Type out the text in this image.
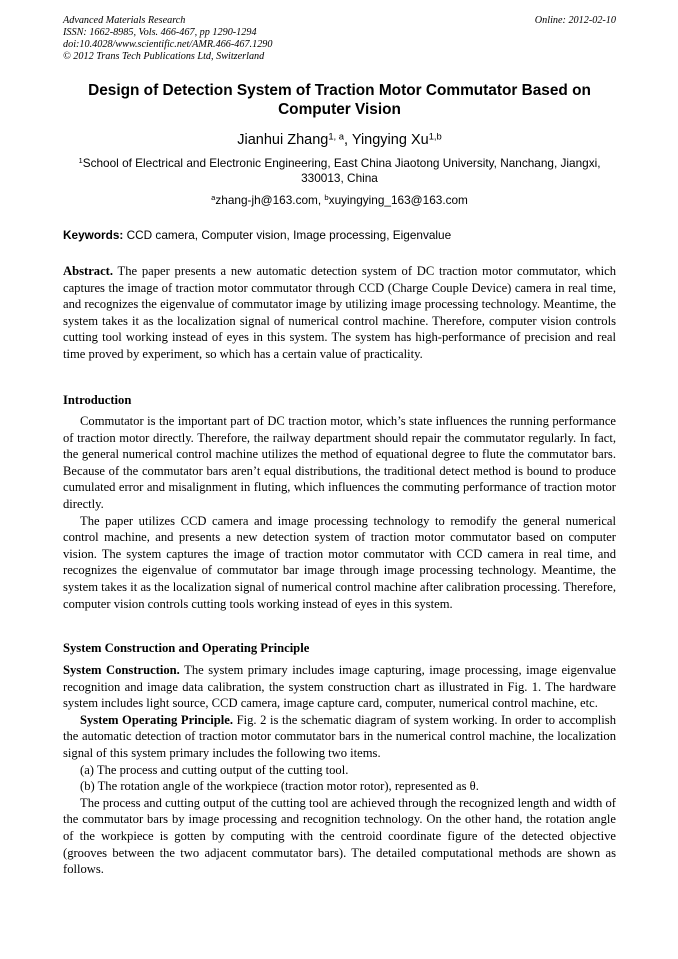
Advanced Materials Research
ISSN: 1662-8985, Vols. 466-467, pp 1290-1294
doi:10.4028/www.scientific.net/AMR.466-467.1290
© 2012 Trans Tech Publications Ltd, Switzerland
Online: 2012-02-10
Design of Detection System of Traction Motor Commutator Based on Computer Vision
Jianhui Zhang$^{1, a}$, Yingying Xu$^{1,b}$
$^1$School of Electrical and Electronic Engineering, East China Jiaotong University, Nanchang, Jiangxi, 330013, China
$^a$zhang-jh@163.com, $^b$xuyingying_163@163.com
Keywords: CCD camera, Computer vision, Image processing, Eigenvalue

Abstract. The paper presents a new automatic detection system of DC traction motor commutator, which captures the image of traction motor commutator through CCD (Charge Couple Device) camera in real time, and recognizes the eigenvalue of commutator image by utilizing image processing technology. Meantime, the system takes it as the localization signal of numerical control machine. Therefore, computer vision controls cutting tool working instead of eyes in this system. The system has high-performance of precision and real time proved by experiment, so which has a certain value of practicality.

Introduction

Commutator is the important part of DC traction motor, which’s state influences the running performance of traction motor directly. Therefore, the railway department should repair the commutator regularly. In fact, the general numerical control machine utilizes the method of equational degree to flute the commutator bars. Because of the commutator bars aren’t equal distributions, the traditional detect method is bound to produce cumulated error and misalignment in fluting, which influences the commuting performance of traction motor directly.

The paper utilizes CCD camera and image processing technology to remodify the general numerical control machine, and presents a new detection system of traction motor commutator based on computer vision. The system captures the image of traction motor commutator with CCD camera in real time, and recognizes the eigenvalue of commutator bar image through image processing technology. Meantime, the system takes it as the localization signal of numerical control machine after calibration processing. Therefore, computer vision controls cutting tools working instead of eyes in this system.

System Construction and Operating Principle

System Construction. The system primary includes image capturing, image processing, image eigenvalue recognition and image data calibration, the system construction chart as illustrated in Fig. 1. The hardware system includes light source, CCD camera, image capture card, computer, numerical control machine, etc.

System Operating Principle. Fig. 2 is the schematic diagram of system working. In order to accomplish the automatic detection of traction motor commutator bars in the numerical control machine, the localization signal of this system primary includes the following two items.

(a) The process and cutting output of the cutting tool.

(b) The rotation angle of the workpiece (traction motor rotor), represented as θ.

The process and cutting output of the cutting tool are achieved through the recognized length and width of the commutator bars by image processing and recognition technology. On the other hand, the rotation angle of the workpiece is gotten by computing with the centroid coordinate figure of the detected objective (grooves between the two adjacent commutator bars). The detailed computational methods are shown as follows.
